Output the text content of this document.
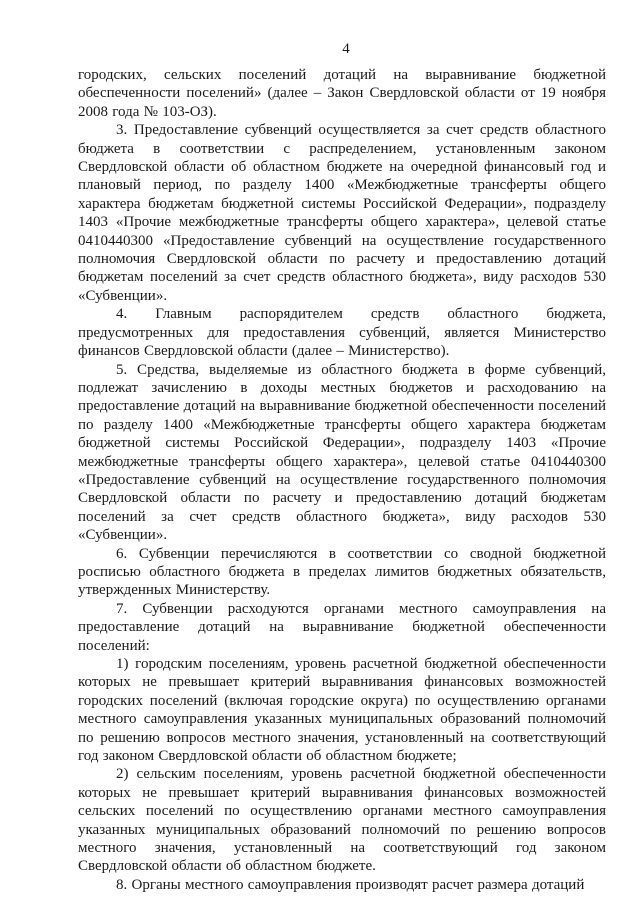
4

городских, сельских поселений дотаций на выравнивание бюджетной обеспеченности поселений» (далее – Закон Свердловской области от 19 ноября 2008 года № 103-ОЗ).

3. Предоставление субвенций осуществляется за счет средств областного бюджета в соответствии с распределением, установленным законом Свердловской области об областном бюджете на очередной финансовый год и плановый период, по разделу 1400 «Межбюджетные трансферты общего характера бюджетам бюджетной системы Российской Федерации», подразделу 1403 «Прочие межбюджетные трансферты общего характера», целевой статье 0410440300 «Предоставление субвенций на осуществление государственного полномочия Свердловской области по расчету и предоставлению дотаций бюджетам поселений за счет средств областного бюджета», виду расходов 530 «Субвенции».

4. Главным распорядителем средств областного бюджета, предусмотренных для предоставления субвенций, является Министерство финансов Свердловской области (далее – Министерство).

5. Средства, выделяемые из областного бюджета в форме субвенций, подлежат зачислению в доходы местных бюджетов и расходованию на предоставление дотаций на выравнивание бюджетной обеспеченности поселений по разделу 1400 «Межбюджетные трансферты общего характера бюджетам бюджетной системы Российской Федерации», подразделу 1403 «Прочие межбюджетные трансферты общего характера», целевой статье 0410440300 «Предоставление субвенций на осуществление государственного полномочия Свердловской области по расчету и предоставлению дотаций бюджетам поселений за счет средств областного бюджета», виду расходов 530 «Субвенции».

6. Субвенции перечисляются в соответствии со сводной бюджетной росписью областного бюджета в пределах лимитов бюджетных обязательств, утвержденных Министерству.

7. Субвенции расходуются органами местного самоуправления на предоставление дотаций на выравнивание бюджетной обеспеченности поселений:

1) городским поселениям, уровень расчетной бюджетной обеспеченности которых не превышает критерий выравнивания финансовых возможностей городских поселений (включая городские округа) по осуществлению органами местного самоуправления указанных муниципальных образований полномочий по решению вопросов местного значения, установленный на соответствующий год законом Свердловской области об областном бюджете;

2) сельским поселениям, уровень расчетной бюджетной обеспеченности которых не превышает критерий выравнивания финансовых возможностей сельских поселений по осуществлению органами местного самоуправления указанных муниципальных образований полномочий по решению вопросов местного значения, установленный на соответствующий год законом Свердловской области об областном бюджете.

8. Органы местного самоуправления производят расчет размера дотаций
